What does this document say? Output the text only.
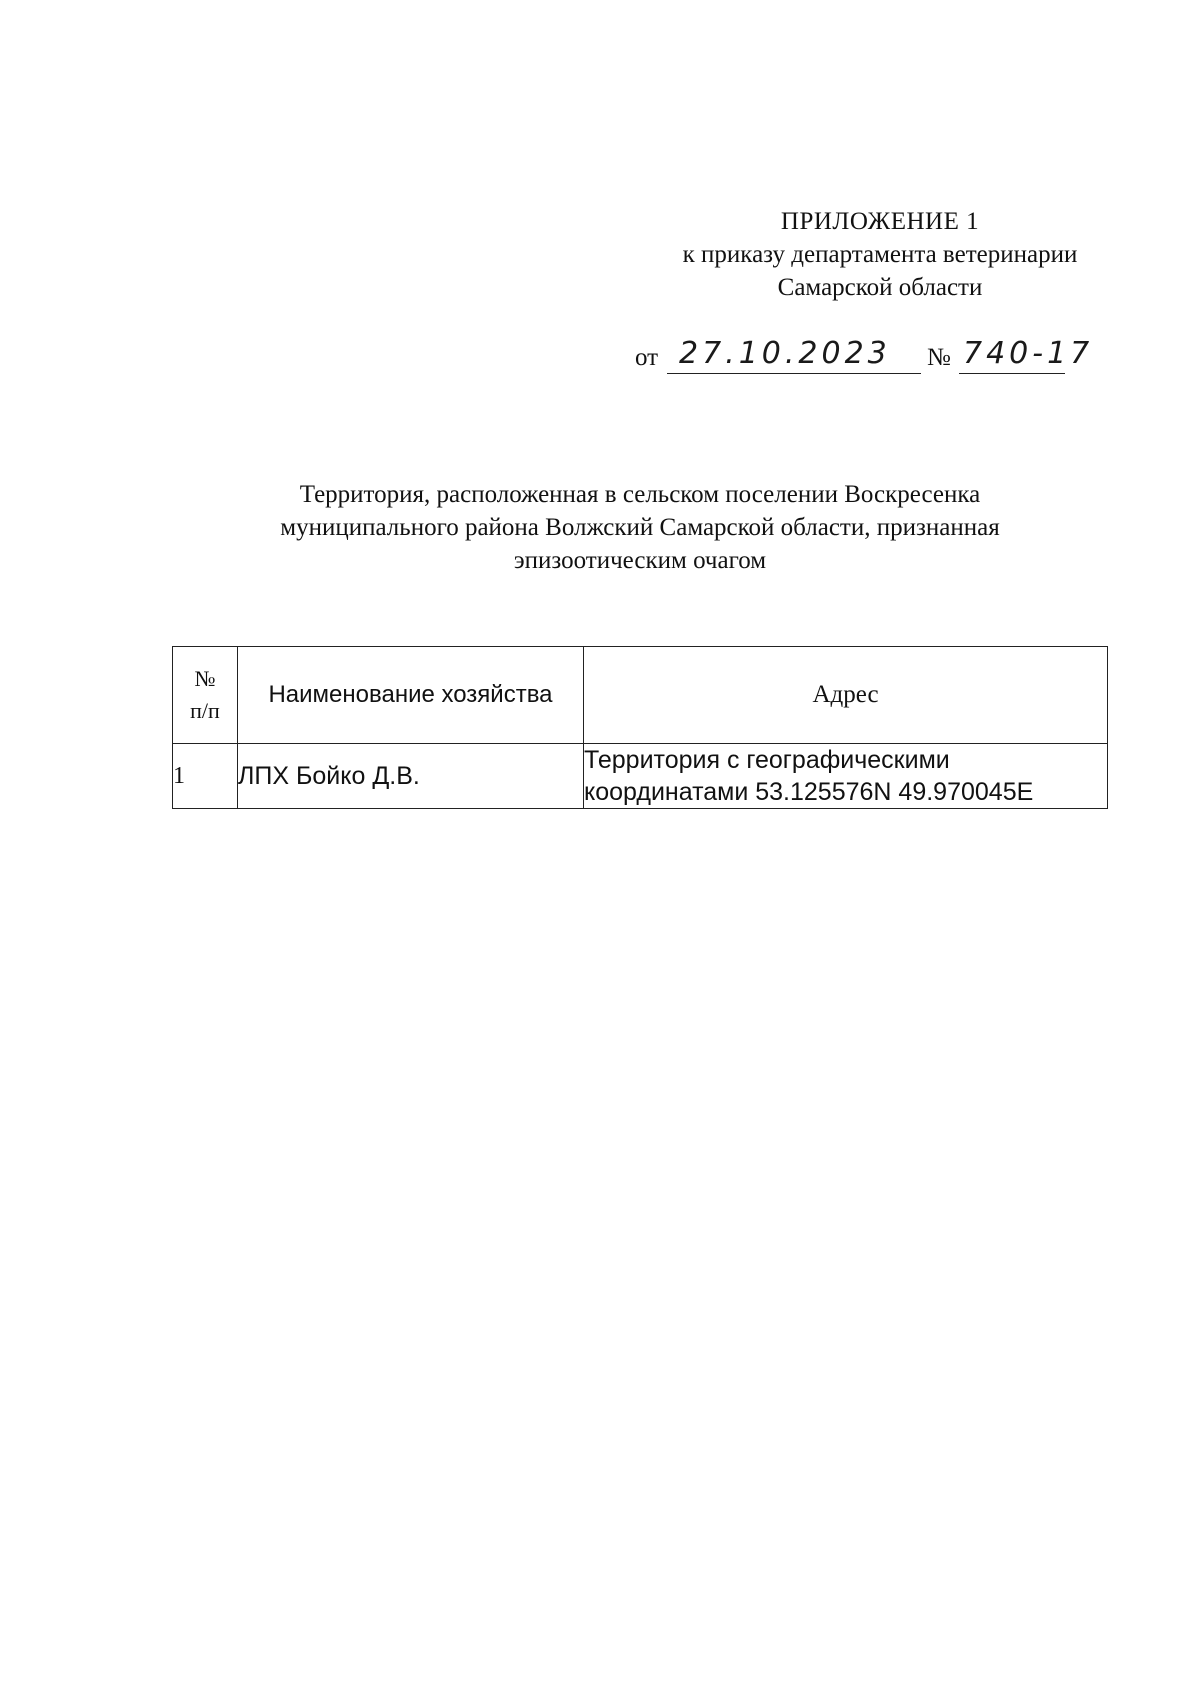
ПРИЛОЖЕНИЕ 1
к приказу департамента ветеринарии
Самарской области
от 27.10.2023 № 740-17
Территория, расположенная в сельском поселении Воскресенка
муниципального района Волжский Самарской области, признанная
эпизоотическим очагом
№
п/п	Наименование хозяйства	Адрес
1	ЛПХ Бойко Д.В.	Территория с географическими
координатами 53.125576N 49.970045E
